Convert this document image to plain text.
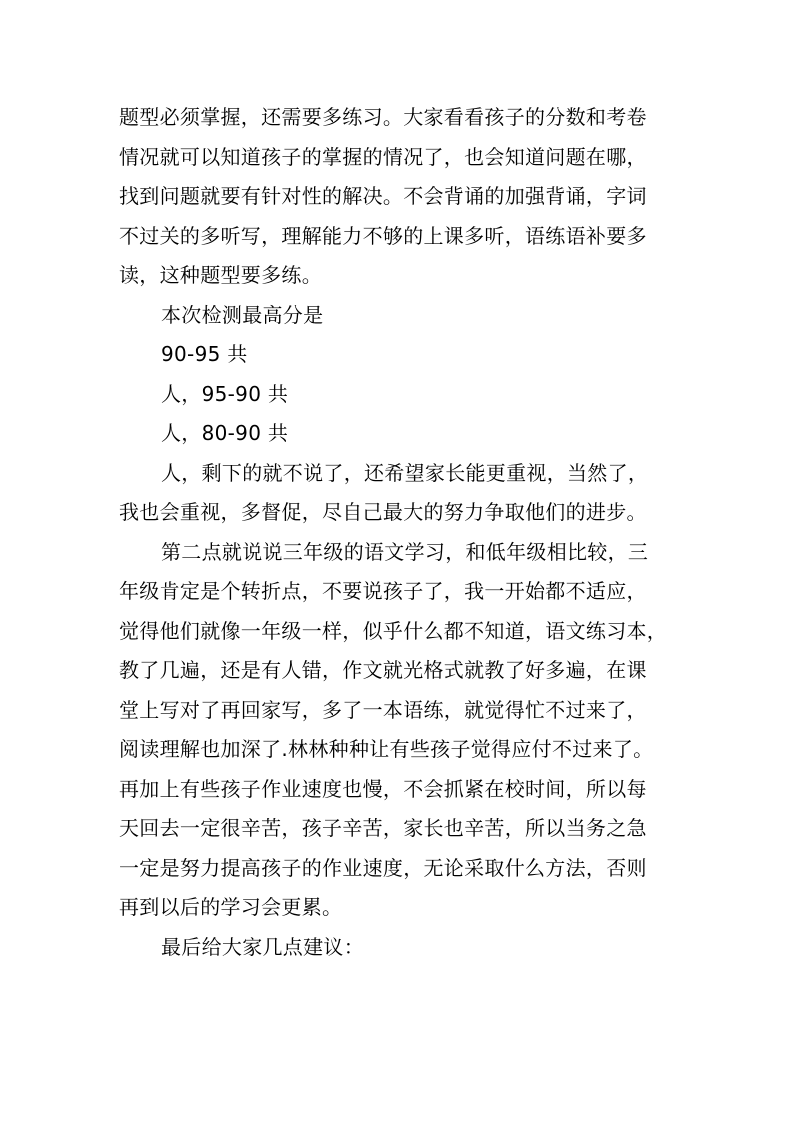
题型必须掌握，还需要多练习。大家看看孩子的分数和考卷
情况就可以知道孩子的掌握的情况了，也会知道问题在哪，
找到问题就要有针对性的解决。不会背诵的加强背诵，字词
不过关的多听写，理解能力不够的上课多听，语练语补要多
读，这种题型要多练。
本次检测最高分是
90-95 共
人，95-90 共
人，80-90 共
人，剩下的就不说了，还希望家长能更重视，当然了，
我也会重视，多督促，尽自己最大的努力争取他们的进步。
第二点就说说三年级的语文学习，和低年级相比较，三
年级肯定是个转折点，不要说孩子了，我一开始都不适应，
觉得他们就像一年级一样，似乎什么都不知道，语文练习本，
教了几遍，还是有人错，作文就光格式就教了好多遍，在课
堂上写对了再回家写，多了一本语练，就觉得忙不过来了，
阅读理解也加深了.林林种种让有些孩子觉得应付不过来了。
再加上有些孩子作业速度也慢，不会抓紧在校时间，所以每
天回去一定很辛苦，孩子辛苦，家长也辛苦，所以当务之急
一定是努力提高孩子的作业速度，无论采取什么方法，否则
再到以后的学习会更累。
最后给大家几点建议：
